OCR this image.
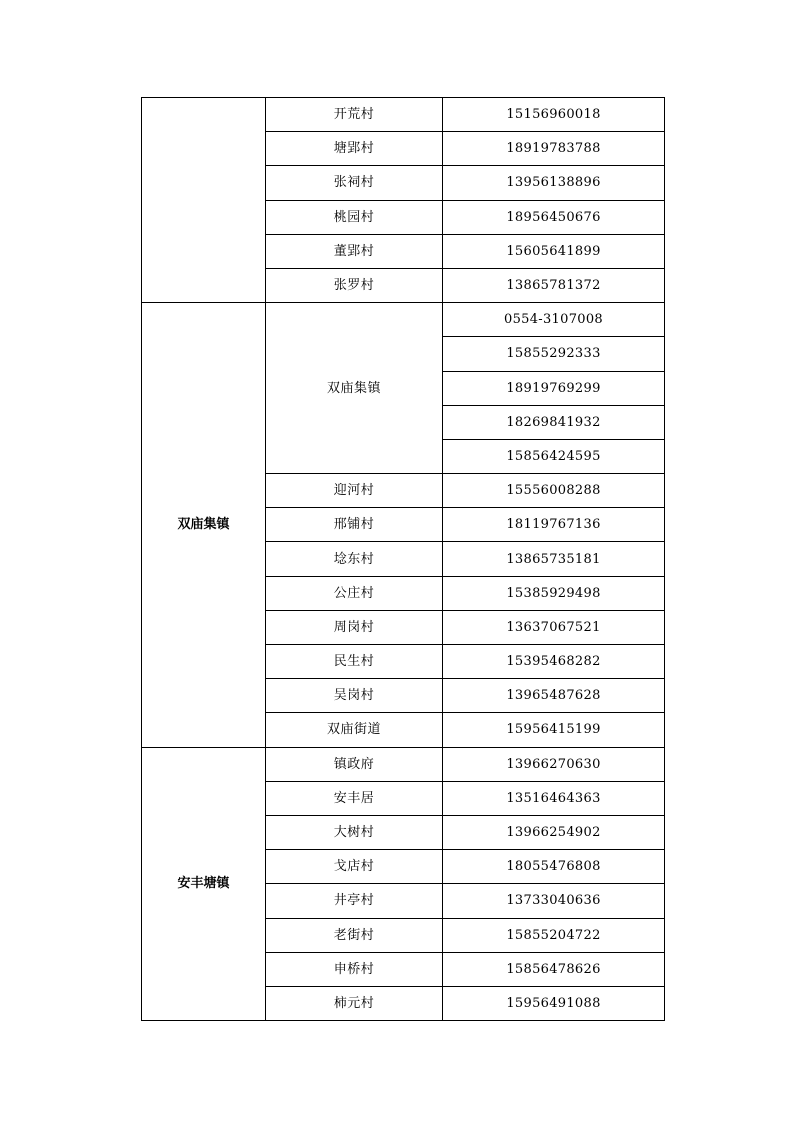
	开荒村	15156960018
	塘郢村	18919783788
	张祠村	13956138896
	桃园村	18956450676
	董郢村	15605641899
	张罗村	13865781372
双庙集镇	双庙集镇	0554-3107008
		15855292333
		18919769299
		18269841932
		15856424595
	迎河村	15556008288
	邢铺村	18119767136
	埝东村	13865735181
	公庄村	15385929498
	周岗村	13637067521
	民生村	15395468282
	吴岗村	13965487628
	双庙街道	15956415199
安丰塘镇	镇政府	13966270630
	安丰居	13516464363
	大树村	13966254902
	戈店村	18055476808
	井亭村	13733040636
	老街村	15855204722
	申桥村	15856478626
	柿元村	15956491088
